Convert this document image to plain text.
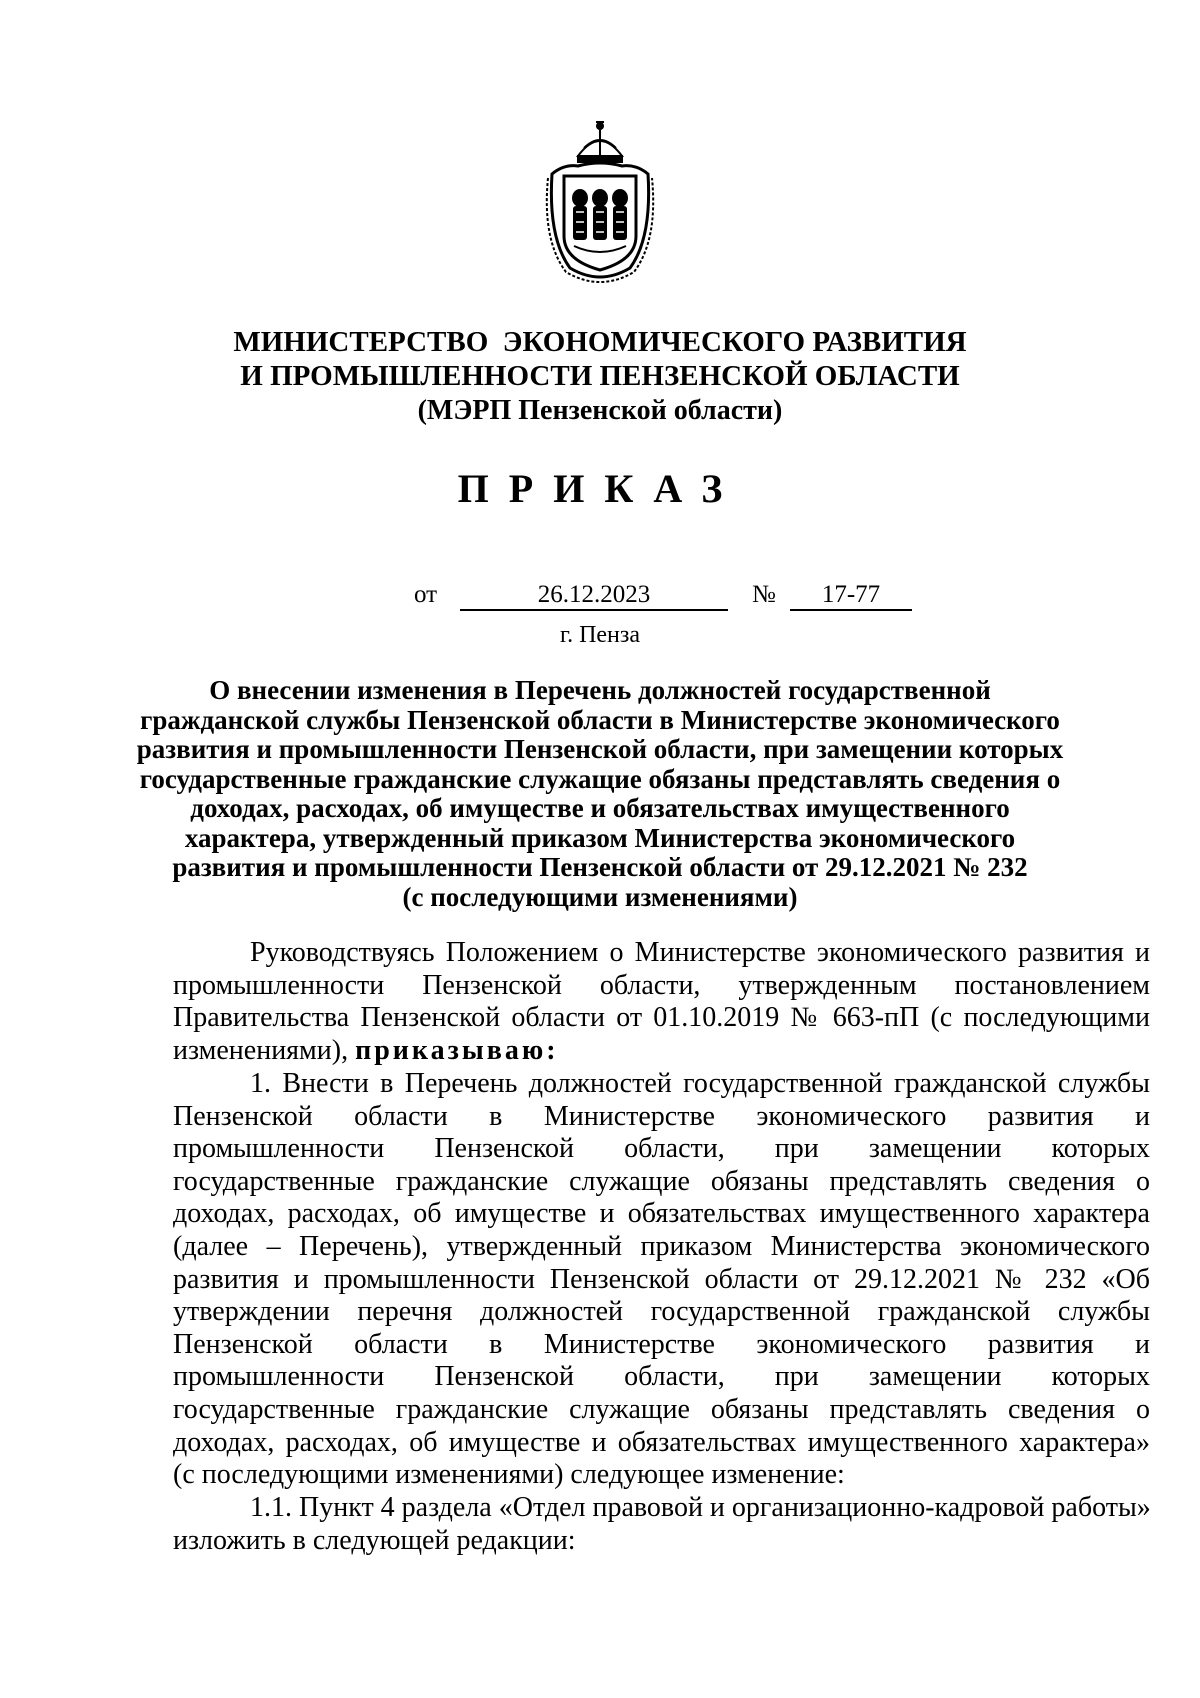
МИНИСТЕРСТВО  ЭКОНОМИЧЕСКОГО РАЗВИТИЯ
И ПРОМЫШЛЕННОСТИ ПЕНЗЕНСКОЙ ОБЛАСТИ
(МЭРП Пензенской области)
ПРИКАЗ
от	26.12.2023	№	17-77
г. Пенза
О внесении изменения в Перечень должностей государственной
гражданской службы Пензенской области в Министерстве экономического
развития и промышленности Пензенской области, при замещении которых
государственные гражданские служащие обязаны представлять сведения о
доходах, расходах, об имуществе и обязательствах имущественного
характера, утвержденный приказом Министерства экономического
развития и промышленности Пензенской области от 29.12.2021 № 232
(с последующими изменениями)
Руководствуясь Положением о Министерстве экономического развития и
промышленности Пензенской области, утвержденным постановлением
Правительства Пензенской области от 01.10.2019 № 663-пП (с последующими
изменениями), приказываю:
1. Внести в Перечень должностей государственной гражданской службы
Пензенской области в Министерстве экономического развития и
промышленности Пензенской области, при замещении которых
государственные гражданские служащие обязаны представлять сведения о
доходах, расходах, об имуществе и обязательствах имущественного характера
(далее – Перечень), утвержденный приказом Министерства экономического
развития и промышленности Пензенской области от 29.12.2021 № 232 «Об
утверждении перечня должностей государственной гражданской службы
Пензенской области в Министерстве экономического развития и
промышленности Пензенской области, при замещении которых
государственные гражданские служащие обязаны представлять сведения о
доходах, расходах, об имуществе и обязательствах имущественного характера»
(с последующими изменениями) следующее изменение:
1.1. Пункт 4 раздела «Отдел правовой и организационно-кадровой работы»
изложить в следующей редакции:
